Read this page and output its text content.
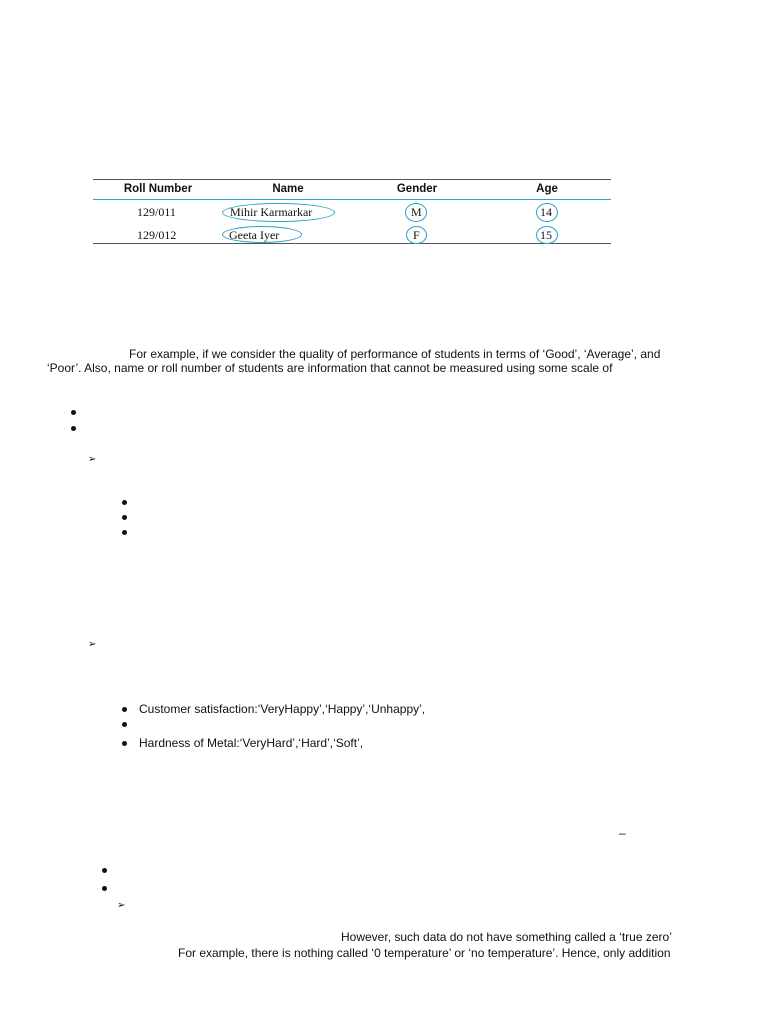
Roll Number	Name	Gender	Age
129/011	Mihir Karmarkar	M	14
129/012	Geeta Iyer	F	15
For example, if we consider the quality of performance of students in terms of ‘Good’, ‘Average’, and
‘Poor’. Also, name or roll number of students are information that cannot be measured using some scale of
➢
➢
Customer satisfaction:‘VeryHappy’,‘Happy’,‘Unhappy’,
Hardness of Metal:‘VeryHard’,‘Hard’,‘Soft’,
–
➢
However, such data do not have something called a ‘true zero’
For example, there is nothing called ‘0 temperature’ or ‘no temperature’. Hence, only addition
